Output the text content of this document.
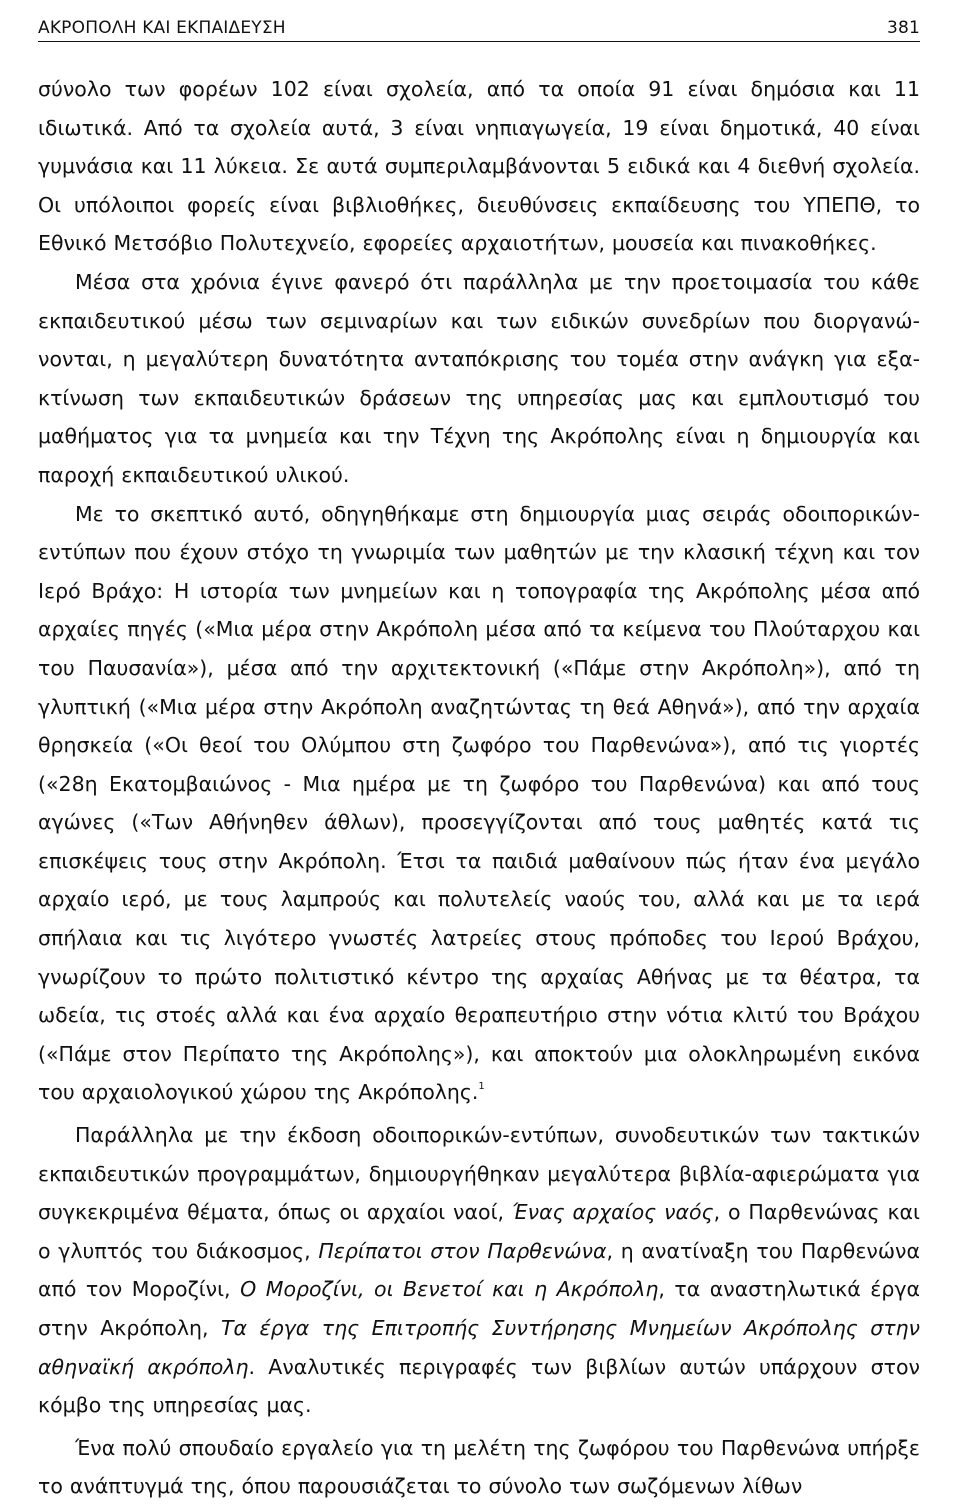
ΑΚΡΟΠΟΛΗ ΚΑΙ ΕΚΠΑΙΔΕΥΣΗ	381

σύνολο των φορέων 102 είναι σχολεία, από τα οποία 91 είναι δημόσια και 11 ιδιωτικά. Από τα σχολεία αυτά, 3 είναι νηπιαγωγεία, 19 είναι δημοτικά, 40 είναι γυμνάσια και 11 λύκεια. Σε αυτά συμπεριλαμβάνονται 5 ειδικά και 4 διεθνή σχολεία. Οι υπόλοιποι φορείς είναι βιβλιοθήκες, διευθύνσεις εκπαίδευσης του ΥΠΕΠΘ, το Εθνικό Μετσόβιο Πολυτεχνείο, εφορείες αρχαιοτήτων, μουσεία και πινακοθήκες.

Μέσα στα χρόνια έγινε φανερό ότι παράλληλα με την προετοιμασία του κάθε εκπαιδευτικού μέσω των σεμιναρίων και των ειδικών συνεδρίων που διοργανώνονται, η μεγαλύτερη δυνατότητα ανταπόκρισης του τομέα στην ανάγκη για εξακτίνωση των εκπαιδευτικών δράσεων της υπηρεσίας μας και εμπλουτισμό του μαθήματος για τα μνημεία και την Τέχνη της Ακρόπολης είναι η δημιουργία και παροχή εκπαιδευτικού υλικού.

Με το σκεπτικό αυτό, οδηγηθήκαμε στη δημιουργία μιας σειράς οδοιπορικών-εντύπων που έχουν στόχο τη γνωριμία των μαθητών με την κλασική τέχνη και τον Ιερό Βράχο: Η ιστορία των μνημείων και η τοπογραφία της Ακρόπολης μέσα από αρχαίες πηγές («Μια μέρα στην Ακρόπολη μέσα από τα κείμενα του Πλούταρχου και του Παυσανία»), μέσα από την αρχιτεκτονική («Πάμε στην Ακρόπολη»), από τη γλυπτική («Μια μέρα στην Ακρόπολη αναζητώντας τη θεά Αθηνά»), από την αρχαία θρησκεία («Οι θεοί του Ολύμπου στη ζωφόρο του Παρθενώνα»), από τις γιορτές («28η Εκατομβαιώνος - Μια ημέρα με τη ζωφόρο του Παρθενώνα) και από τους αγώνες («Των Αθήνηθεν άθλων), προσεγγίζονται από τους μαθητές κατά τις επισκέψεις τους στην Ακρόπολη. Έτσι τα παιδιά μαθαίνουν πώς ήταν ένα μεγάλο αρχαίο ιερό, με τους λαμπρούς και πολυτελείς ναούς του, αλλά και με τα ιερά σπήλαια και τις λιγότερο γνωστές λατρείες στους πρόποδες του Ιερού Βράχου, γνωρίζουν το πρώτο πολιτιστικό κέντρο της αρχαίας Αθήνας με τα θέατρα, τα ωδεία, τις στοές αλλά και ένα αρχαίο θεραπευτήριο στην νότια κλιτύ του Βράχου («Πάμε στον Περίπατο της Ακρόπολης»), και αποκτούν μια ολοκληρωμένη εικόνα του αρχαιολογικού χώρου της Ακρόπολης.$^1$

Παράλληλα με την έκδοση οδοιπορικών-εντύπων, συνοδευτικών των τακτικών εκπαιδευτικών προγραμμάτων, δημιουργήθηκαν μεγαλύτερα βιβλία-αφιερώματα για συγκεκριμένα θέματα, όπως οι αρχαίοι ναοί, Ένας αρχαίος ναός, ο Παρθενώνας και ο γλυπτός του διάκοσμος, Περίπατοι στον Παρθενώνα, η ανατίναξη του Παρθενώνα από τον Μοροζίνι, Ο Μοροζίνι, οι Βενετοί και η Ακρόπολη, τα αναστηλωτικά έργα στην Ακρόπολη, Τα έργα της Επιτροπής Συντήρησης Μνημείων Ακρόπολης στην αθηναϊκή ακρόπολη. Αναλυτικές περιγραφές των βιβλίων αυτών υπάρχουν στον κόμβο της υπηρεσίας μας.

Ένα πολύ σπουδαίο εργαλείο για τη μελέτη της ζωφόρου του Παρθενώνα υπήρξε το ανάπτυγμά της, όπου παρουσιάζεται το σύνολο των σωζόμενων λίθων
